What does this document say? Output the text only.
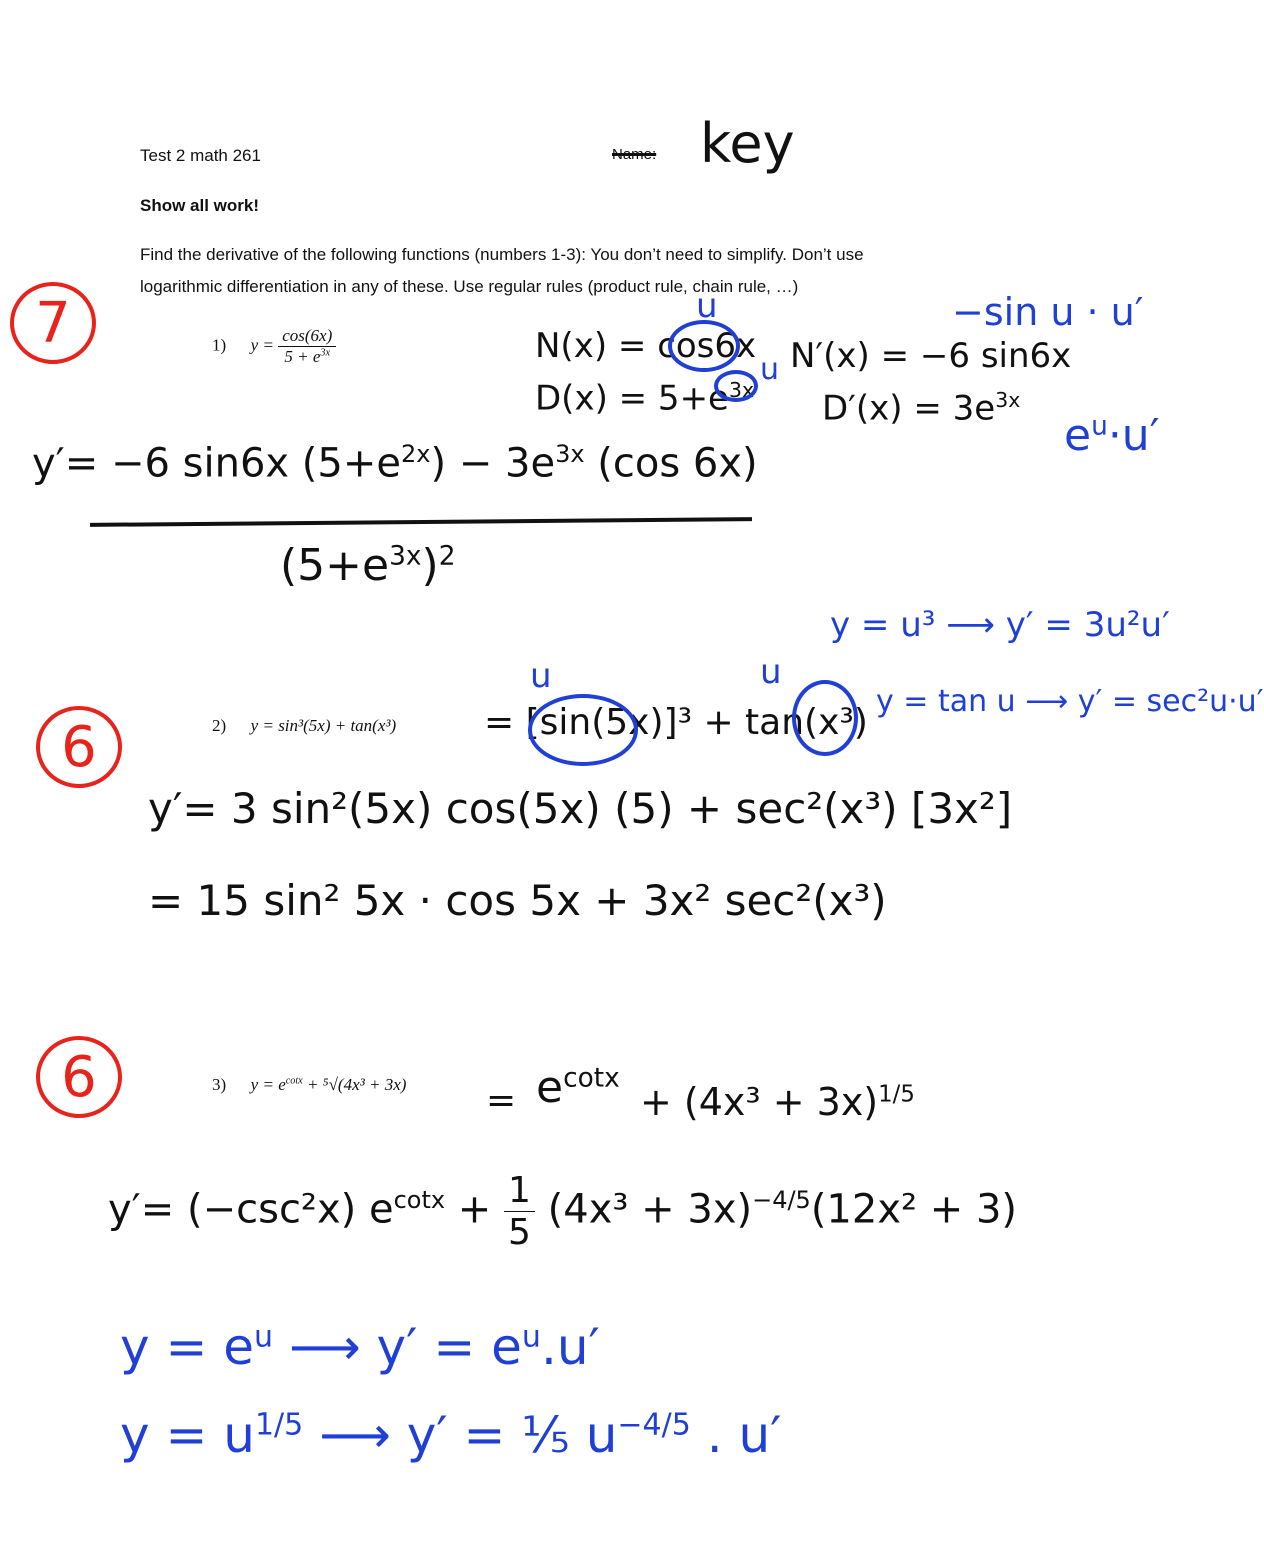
Test 2 math 261	Name: key
Show all work!
Find the derivative of the following functions (numbers 1-3): You don’t need to simplify. Don’t use
logarithmic differentiation in any of these. Use regular rules (product rule, chain rule, …)
7	1) $y = \frac{\cos(6x)}{5 + e^{3x}}$	N(x) = cos6x
u
$D(x) = 5+e^{3x}$
u N′(x) = −6 sin6x
$D'(x) = 3e^{3x}$
−sin u · u′
$e^u\cdot u'$
y′= −6 sin6x $(5+e^{2x}) - 3e^{3x}$ (cos 6x)
$(5+e^{3x})^2$
y = u³ ⟶ y′ = 3u²u′
6	2) y = sin³(5x) + tan(x³)
u	u
= [sin(5x)]³ + tan(x³)
y = tan u ⟶ y′ = sec²u·u′
y′= 3 sin²(5x) cos(5x) (5) + sec²(x³) [3x²]
= 15 sin² 5x · cos 5x + 3x² sec²(x³)
6	3) $y = e^{cotx} + ^5√(4x^3 + 3x) = e^{cotx}$
+ $(4x^3 + 3x)^{1/5}$
y′= (−csc²x) $e^{cotx} + \frac{1}{5} (4x^3 + 3x)^{-4/5}(12x^2 + 3)$
$y = e^u$ ⟶ $y' = e^u.u'$
$y = u^{1/5}$ ⟶ y′ = ⅕ $u^{-4/5}$ . u′
